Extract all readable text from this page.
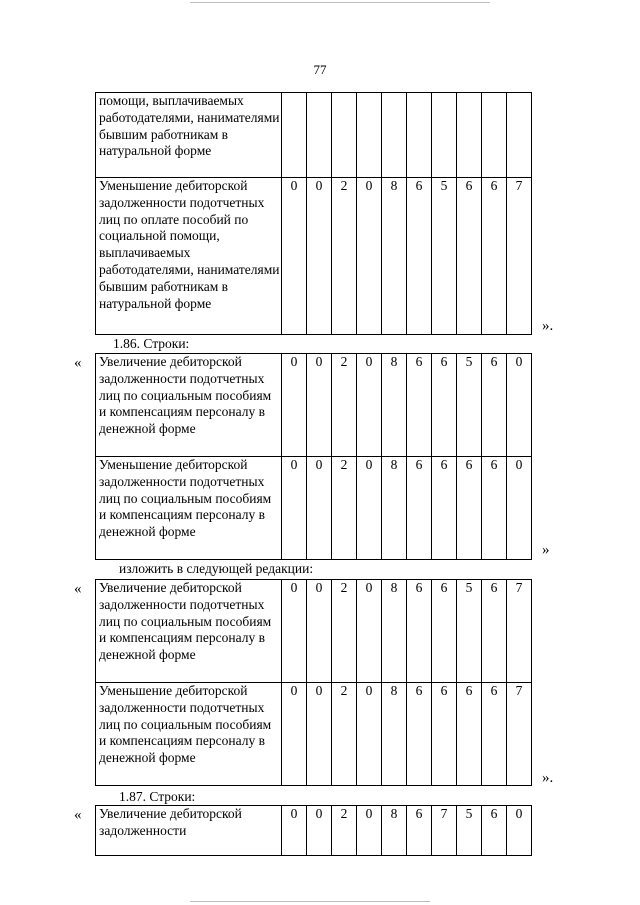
77
помощи, выплачиваемых работодателями, нанимателями бывшим работникам в натуральной форме										
Уменьшение дебиторской задолженности подотчетных лиц по оплате пособий по социальной помощи, выплачиваемых работодателями, нанимателями бывшим работникам в натуральной форме	0	0	2	0	8	6	5	6	6	7
».
1.86. Строки:
« Увеличение дебиторской задолженности подотчетных лиц по социальным пособиям и компенсациям персоналу в денежной форме	0	0	2	0	8	6	6	5	6	0
Уменьшение дебиторской задолженности подотчетных лиц по социальным пособиям и компенсациям персоналу в денежной форме	0	0	2	0	8	6	6	6	6	0
»
изложить в следующей редакции:
« Увеличение дебиторской задолженности подотчетных лиц по социальным пособиям и компенсациям персоналу в денежной форме	0	0	2	0	8	6	6	5	6	7
Уменьшение дебиторской задолженности подотчетных лиц по социальным пособиям и компенсациям персоналу в денежной форме	0	0	2	0	8	6	6	6	6	7
».
1.87. Строки:
« Увеличение дебиторской задолженности	0	0	2	0	8	6	7	5	6	0
